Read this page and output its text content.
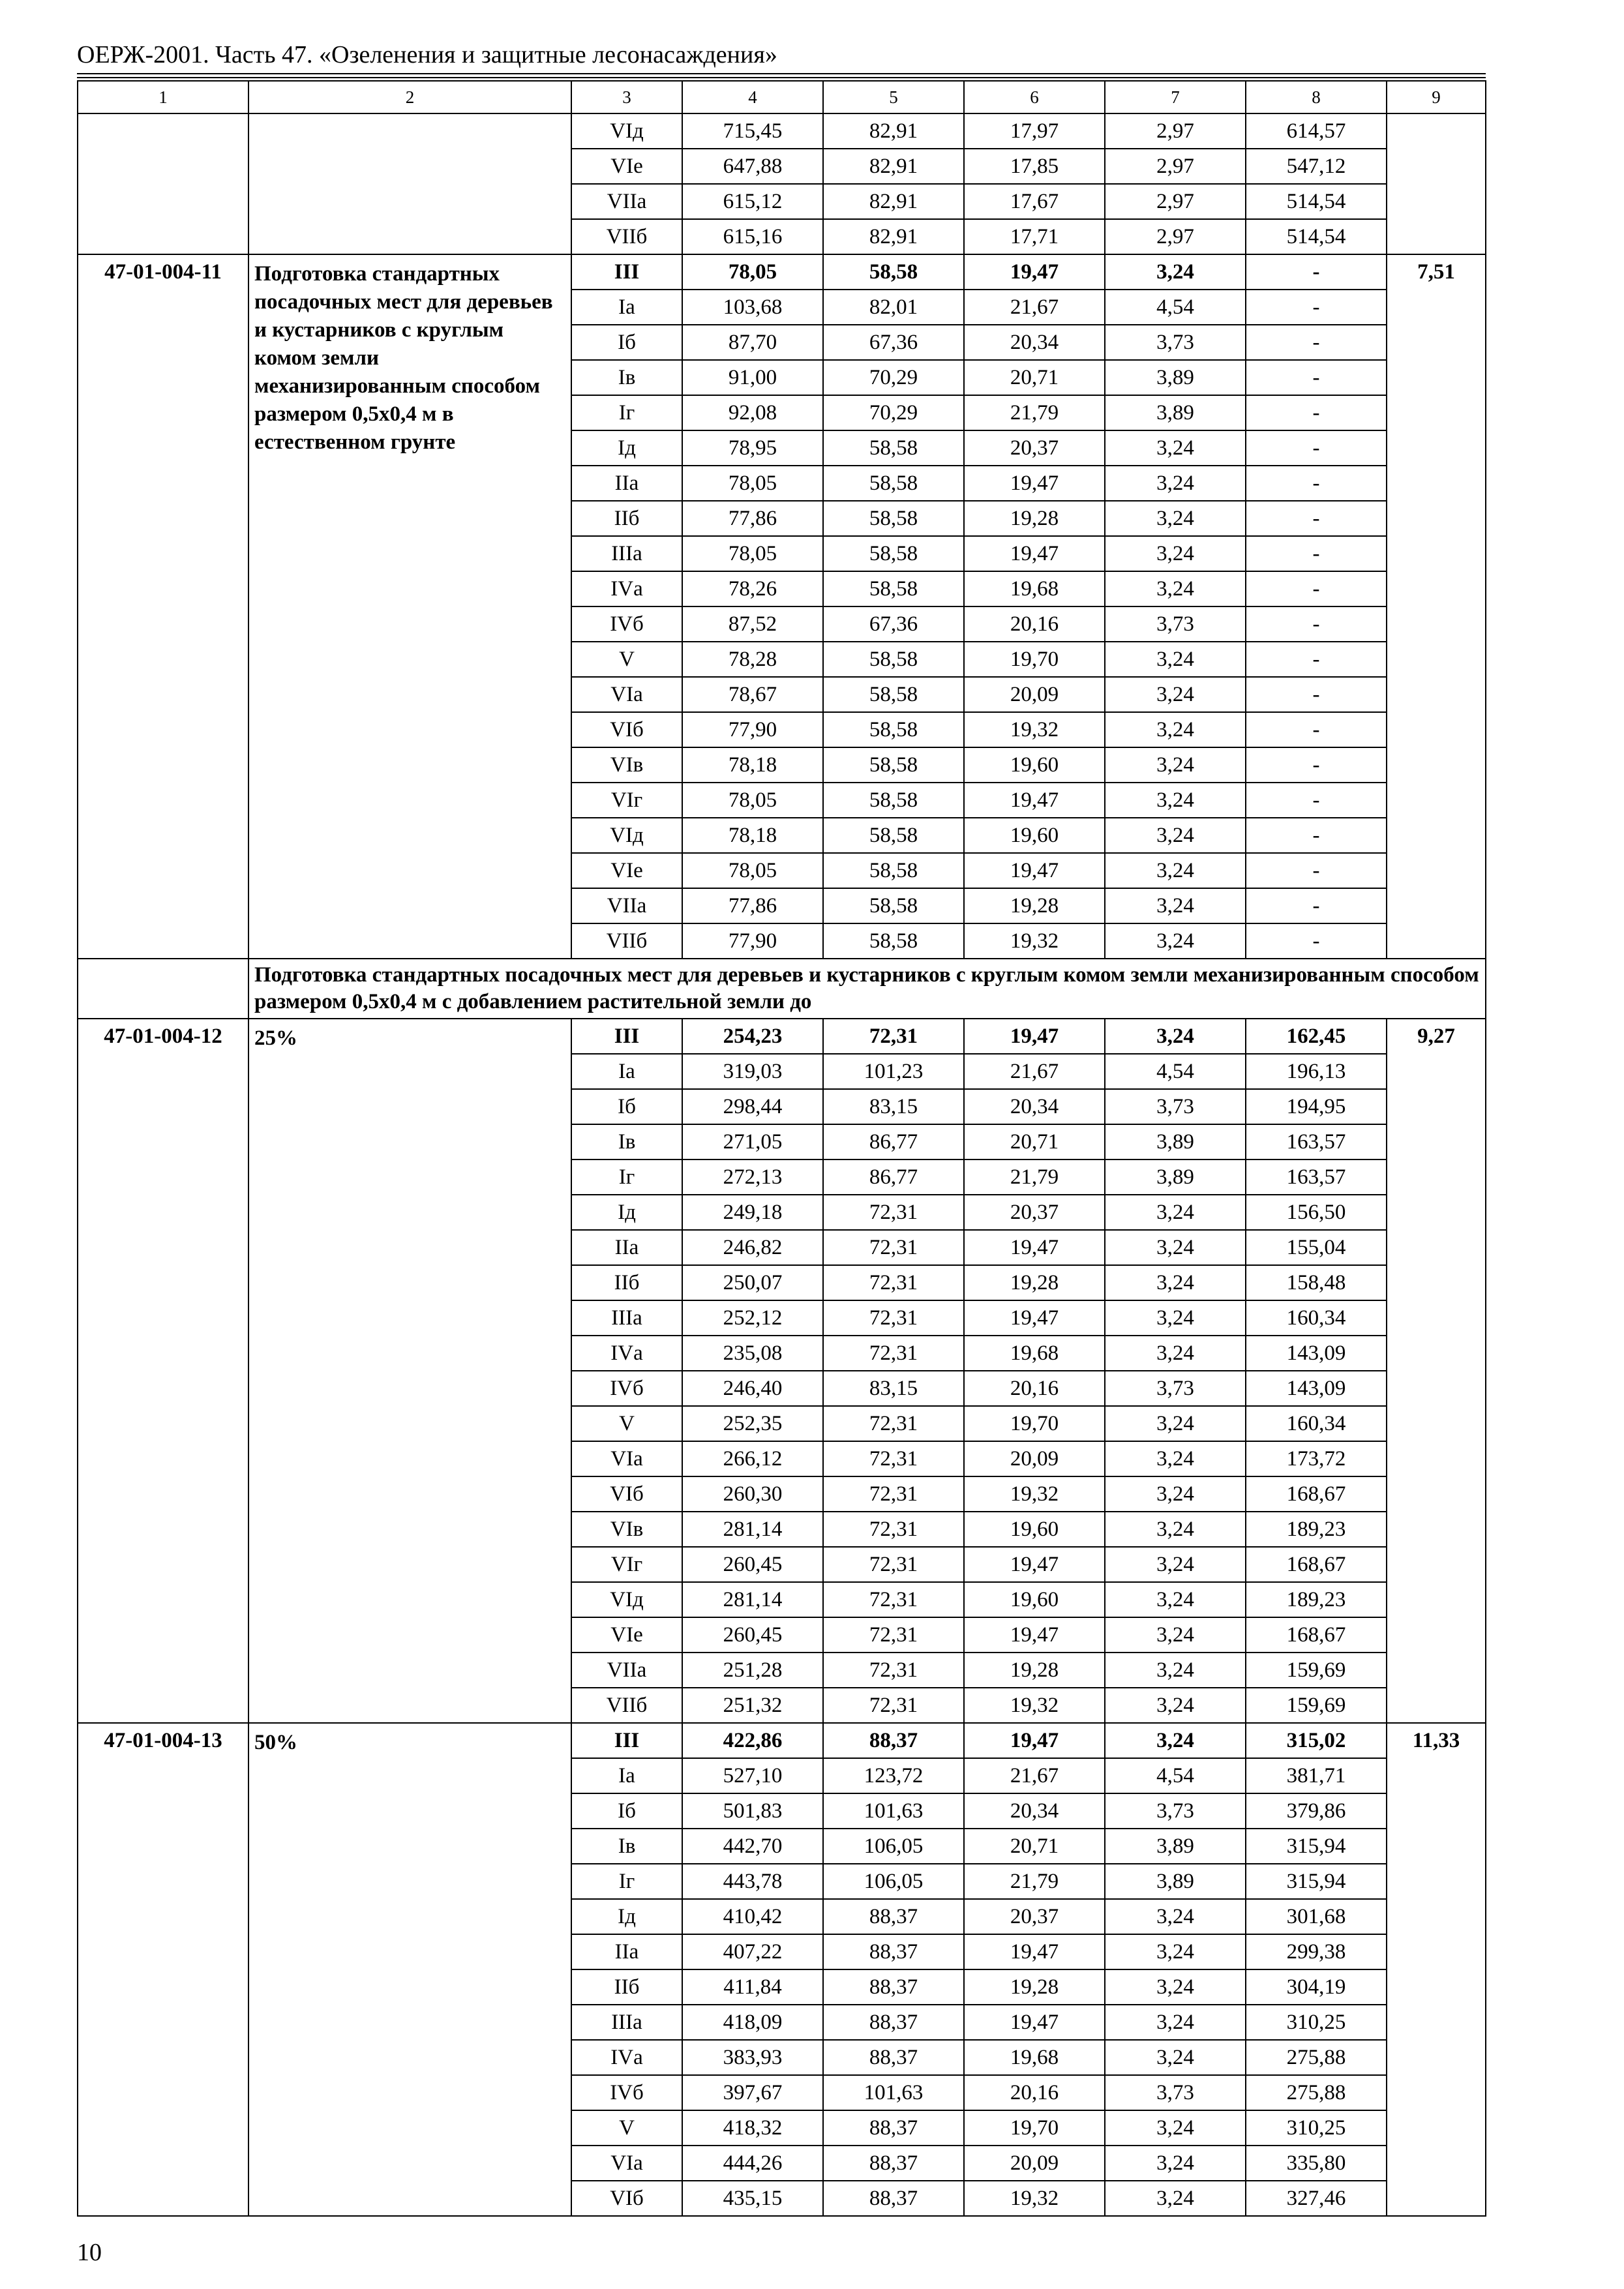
ОЕРЖ-2001. Часть 47. «Озеленения и защитные лесонасаждения»
1	2	3	4	5	6	7	8	9
		VIд	715,45	82,91	17,97	2,97	614,57	
		VIе	647,88	82,91	17,85	2,97	547,12	
		VIIа	615,12	82,91	17,67	2,97	514,54	
		VIIб	615,16	82,91	17,71	2,97	514,54	
47-01-004-11	Подготовка стандартных посадочных мест для деревьев и кустарников с круглым комом земли механизированным способом размером 0,5х0,4 м в естественном грунте	III	78,05	58,58	19,47	3,24	-	7,51
		Iа	103,68	82,01	21,67	4,54	-	
		Iб	87,70	67,36	20,34	3,73	-	
		Iв	91,00	70,29	20,71	3,89	-	
		Iг	92,08	70,29	21,79	3,89	-	
		Iд	78,95	58,58	20,37	3,24	-	
		IIа	78,05	58,58	19,47	3,24	-	
		IIб	77,86	58,58	19,28	3,24	-	
		IIIа	78,05	58,58	19,47	3,24	-	
		IVа	78,26	58,58	19,68	3,24	-	
		IVб	87,52	67,36	20,16	3,73	-	
		V	78,28	58,58	19,70	3,24	-	
		VIа	78,67	58,58	20,09	3,24	-	
		VIб	77,90	58,58	19,32	3,24	-	
		VIв	78,18	58,58	19,60	3,24	-	
		VIг	78,05	58,58	19,47	3,24	-	
		VIд	78,18	58,58	19,60	3,24	-	
		VIе	78,05	58,58	19,47	3,24	-	
		VIIа	77,86	58,58	19,28	3,24	-	
		VIIб	77,90	58,58	19,32	3,24	-	
	Подготовка стандартных посадочных мест для деревьев и кустарников с круглым комом земли механизированным способом размером 0,5х0,4 м с добавлением растительной земли до							
47-01-004-12	25%	III	254,23	72,31	19,47	3,24	162,45	9,27
		Iа	319,03	101,23	21,67	4,54	196,13	
		Iб	298,44	83,15	20,34	3,73	194,95	
		Iв	271,05	86,77	20,71	3,89	163,57	
		Iг	272,13	86,77	21,79	3,89	163,57	
		Iд	249,18	72,31	20,37	3,24	156,50	
		IIа	246,82	72,31	19,47	3,24	155,04	
		IIб	250,07	72,31	19,28	3,24	158,48	
		IIIа	252,12	72,31	19,47	3,24	160,34	
		IVа	235,08	72,31	19,68	3,24	143,09	
		IVб	246,40	83,15	20,16	3,73	143,09	
		V	252,35	72,31	19,70	3,24	160,34	
		VIа	266,12	72,31	20,09	3,24	173,72	
		VIб	260,30	72,31	19,32	3,24	168,67	
		VIв	281,14	72,31	19,60	3,24	189,23	
		VIг	260,45	72,31	19,47	3,24	168,67	
		VIд	281,14	72,31	19,60	3,24	189,23	
		VIе	260,45	72,31	19,47	3,24	168,67	
		VIIа	251,28	72,31	19,28	3,24	159,69	
		VIIб	251,32	72,31	19,32	3,24	159,69	
47-01-004-13	50%	III	422,86	88,37	19,47	3,24	315,02	11,33
		Iа	527,10	123,72	21,67	4,54	381,71	
		Iб	501,83	101,63	20,34	3,73	379,86	
		Iв	442,70	106,05	20,71	3,89	315,94	
		Iг	443,78	106,05	21,79	3,89	315,94	
		Iд	410,42	88,37	20,37	3,24	301,68	
		IIа	407,22	88,37	19,47	3,24	299,38	
		IIб	411,84	88,37	19,28	3,24	304,19	
		IIIа	418,09	88,37	19,47	3,24	310,25	
		IVа	383,93	88,37	19,68	3,24	275,88	
		IVб	397,67	101,63	20,16	3,73	275,88	
		V	418,32	88,37	19,70	3,24	310,25	
		VIа	444,26	88,37	20,09	3,24	335,80	
		VIб	435,15	88,37	19,32	3,24	327,46	
10
